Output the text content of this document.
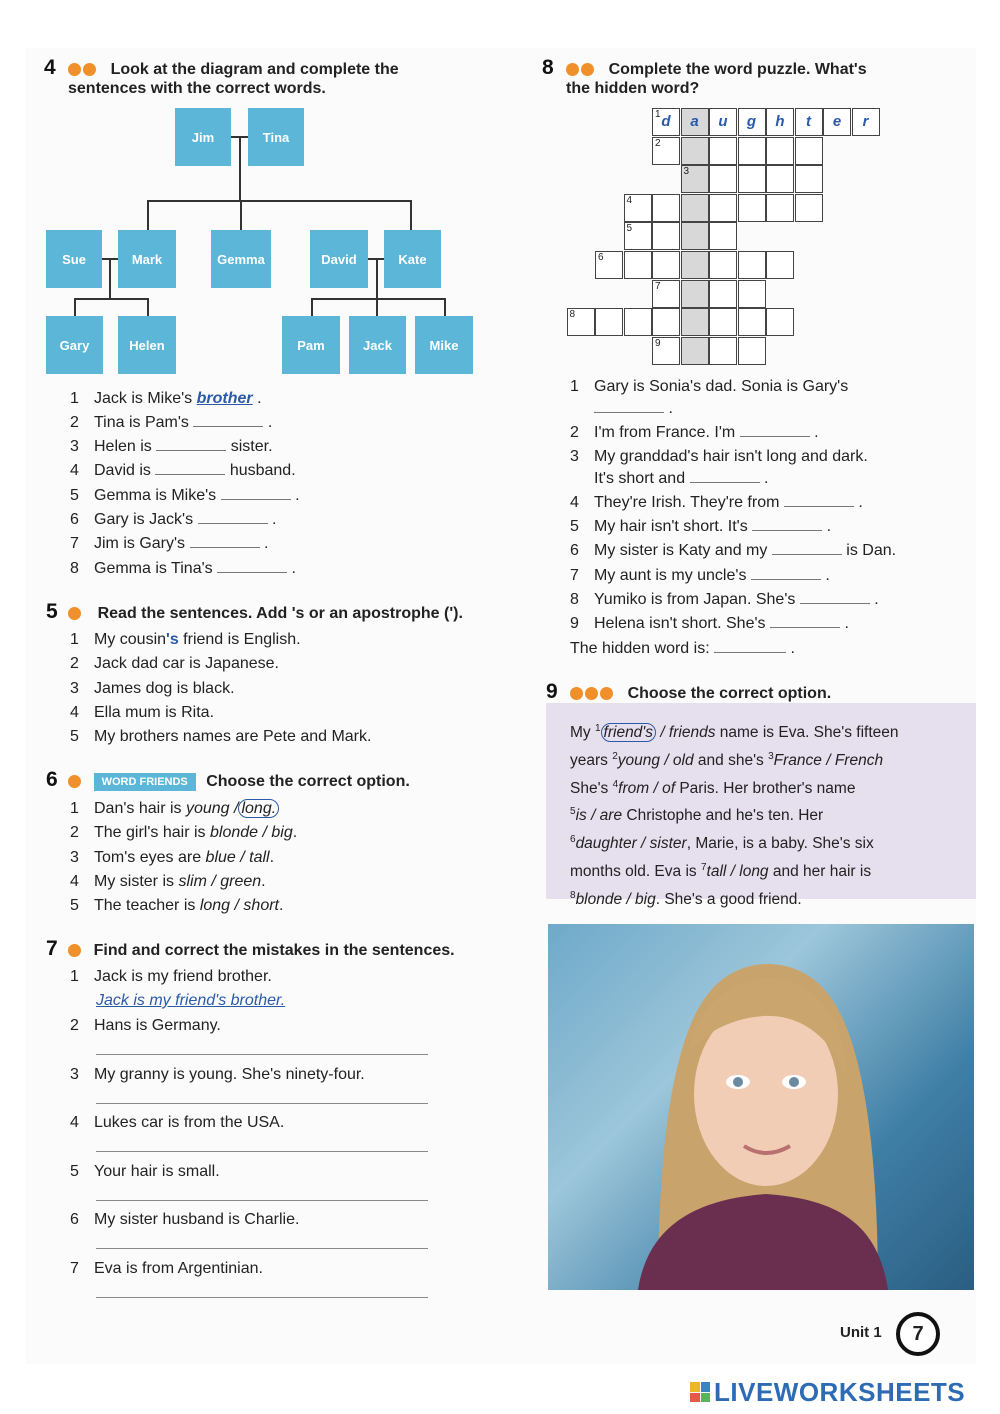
4	Look at the diagram and complete the
sentences with the correct words.
Jim	Tina
Sue	Mark	Gemma	David	Kate
Gary	Helen	Pam	Jack	Mike
1 Jack is Mike's brother .
2 Tina is Pam's	.
3 Helen is	sister.
4 David is	husband.
5 Gemma is Mike's	.
6 Gary is Jack's	.
7 Jim is Gary's	.
8 Gemma is Tina's	.
5 Read the sentences. Add 's or an apostrophe (').
1 My cousin's friend is English.
2 Jack dad car is Japanese.
3 James dog is black.
4 Ella mum is Rita.
5 My brothers names are Pete and Mark.
6	WORD FRIENDS Choose the correct option.
1 Dan's hair is young / long.
2 The girl's hair is blonde / big.
3 Tom's eyes are blue / tall.
4 My sister is slim / green.
5 The teacher is long / short.
7 Find and correct the mistakes in the sentences.
1 Jack is my friend brother.
Jack is my friend's brother.
2 Hans is Germany.
3 My granny is young. She's ninety-four.
4 Lukes car is from the USA.
5 Your hair is small.
6 My sister husband is Charlie.
7 Eva is from Argentinian.
8	Complete the word puzzle. What's
the hidden word?
1 d	a	u	g	h	t	e	r
2
3
4
5
6
7
8
9
1 Gary is Sonia's dad. Sonia is Gary's
.
2 I'm from France. I'm	.
3 My granddad's hair isn't long and dark.
It's short and	.
4 They're Irish. They're from	.
5 My hair isn't short. It's	.
6 My sister is Katy and my	is Dan.
7 My aunt is my uncle's	.
8 Yumiko is from Japan. She's	.
9 Helena isn't short. She's	.
The hidden word is:	.
9	Choose the correct option.
My $^1$ friend's / friends name is Eva. She's fifteen
years $^2$young / old and she's $^3$France / French
She's $^4$from / of Paris. Her brother's name
$^5$is / are Christophe and he's ten. Her
$^6$daughter / sister, Marie, is a baby. She's six
months old. Eva is $^7$tall / long and her hair is
$^8$blonde / big. She's a good friend.
Unit 1 7
LIVEWORKSHEETS
